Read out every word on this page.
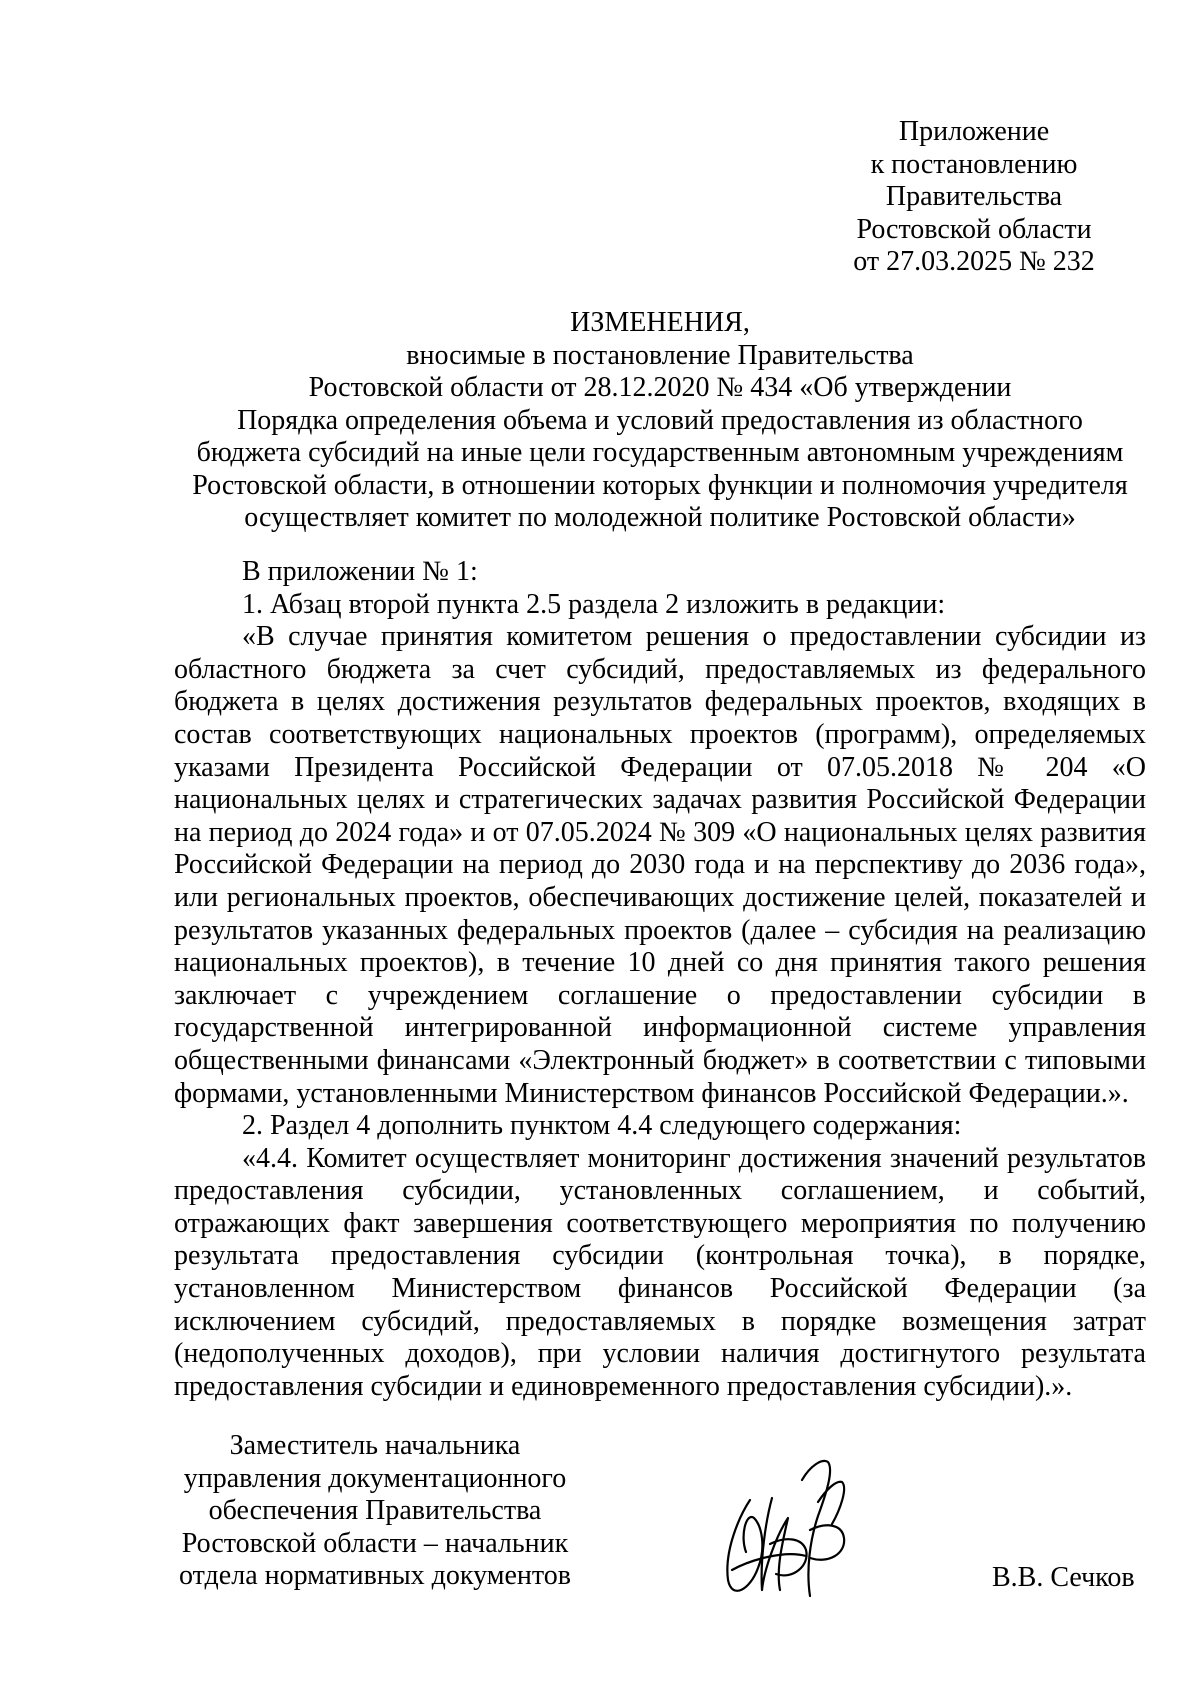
Приложение
к постановлению
Правительства
Ростовской области
от 27.03.2025 № 232
ИЗМЕНЕНИЯ,
вносимые в постановление Правительства
Ростовской области от 28.12.2020 № 434 «Об утверждении
Порядка определения объема и условий предоставления из областного
бюджета субсидий на иные цели государственным автономным учреждениям
Ростовской области, в отношении которых функции и полномочия учредителя
осуществляет комитет по молодежной политике Ростовской области»

В приложении № 1:

1. Абзац второй пункта 2.5 раздела 2 изложить в редакции:

«В случае принятия комитетом решения о предоставлении субсидии из областного бюджета за счет субсидий, предоставляемых из федерального бюджета в целях достижения результатов федеральных проектов, входящих в состав соответствующих национальных проектов (программ), определяемых указами Президента Российской Федерации от 07.05.2018 № 204 «О национальных целях и стратегических задачах развития Российской Федерации на период до 2024 года» и от 07.05.2024 № 309 «О национальных целях развития Российской Федерации на период до 2030 года и на перспективу до 2036 года», или региональных проектов, обеспечивающих достижение целей, показателей и результатов указанных федеральных проектов (далее – субсидия на реализацию национальных проектов), в течение 10 дней со дня принятия такого решения заключает с учреждением соглашение о предоставлении субсидии в государственной интегрированной информационной системе управления общественными финансами «Электронный бюджет» в соответствии с типовыми формами, установленными Министерством финансов Российской Федерации.».

2. Раздел 4 дополнить пунктом 4.4 следующего содержания:

«4.4. Комитет осуществляет мониторинг достижения значений результатов предоставления субсидии, установленных соглашением, и событий, отражающих факт завершения соответствующего мероприятия по получению результата предоставления субсидии (контрольная точка), в порядке, установленном Министерством финансов Российской Федерации (за исключением субсидий, предоставляемых в порядке возмещения затрат (недополученных доходов), при условии наличия достигнутого результата предоставления субсидии и единовременного предоставления субсидии).».

Заместитель начальника
управления документационного
обеспечения Правительства
Ростовской области – начальник
отдела нормативных документов	В.В. Сечков
